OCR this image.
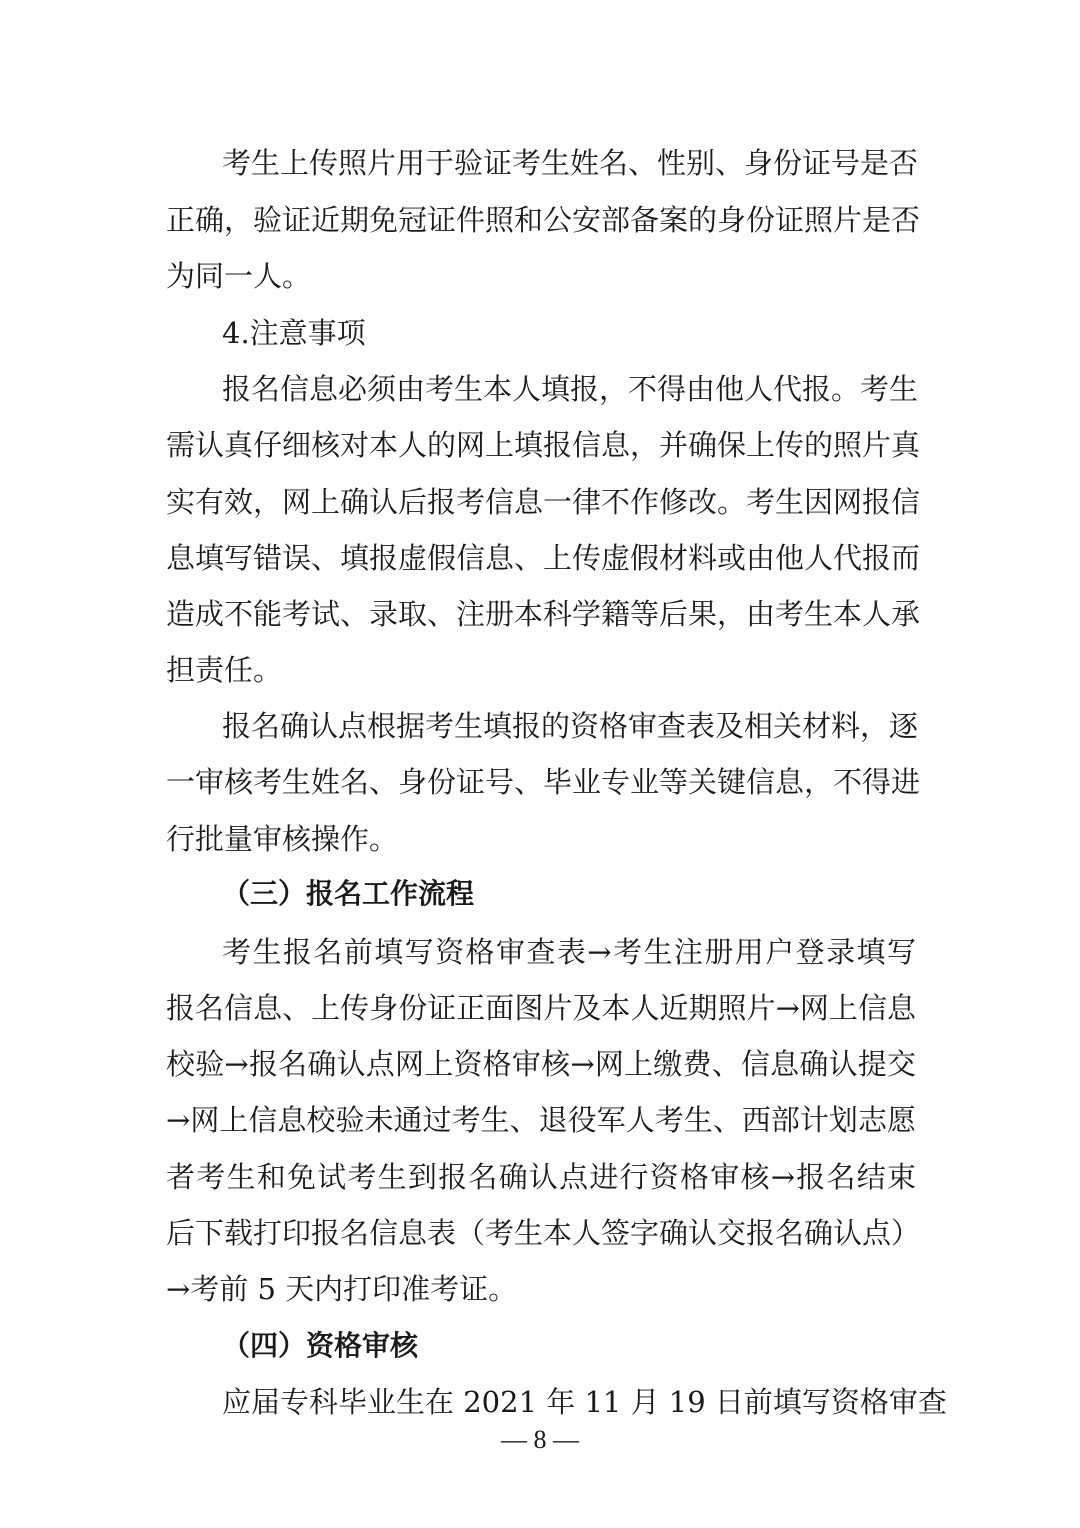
考生上传照片用于验证考生姓名、性别、身份证号是否
正确，验证近期免冠证件照和公安部备案的身份证照片是否
为同一人。
4.注意事项
报名信息必须由考生本人填报，不得由他人代报。考生
需认真仔细核对本人的网上填报信息，并确保上传的照片真
实有效，网上确认后报考信息一律不作修改。考生因网报信
息填写错误、填报虚假信息、上传虚假材料或由他人代报而
造成不能考试、录取、注册本科学籍等后果，由考生本人承
担责任。
报名确认点根据考生填报的资格审查表及相关材料，逐
一审核考生姓名、身份证号、毕业专业等关键信息，不得进
行批量审核操作。
（三）报名工作流程
考生报名前填写资格审查表→考生注册用户登录填写
报名信息、上传身份证正面图片及本人近期照片→网上信息
校验→报名确认点网上资格审核→网上缴费、信息确认提交
→网上信息校验未通过考生、退役军人考生、西部计划志愿
者考生和免试考生到报名确认点进行资格审核→报名结束
后下载打印报名信息表（考生本人签字确认交报名确认点）
→考前 5 天内打印准考证。
（四）资格审核
应届专科毕业生在 2021 年 11 月 19 日前填写资格审查
— 8 —
